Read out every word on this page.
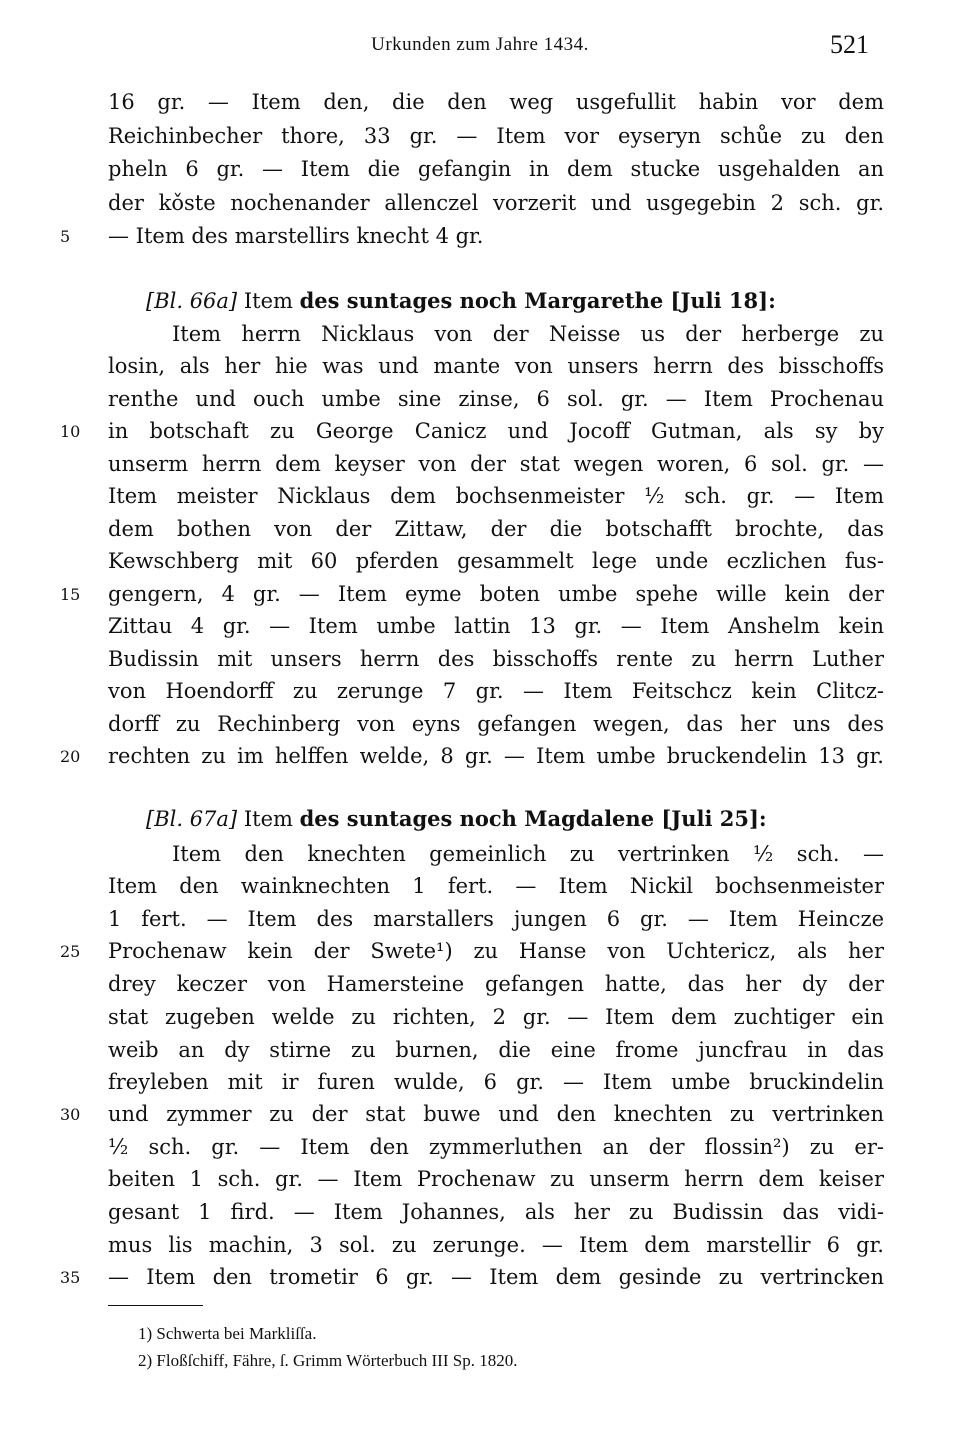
Urkunden zum Jahre 1434.	521
16 gr. — Item den, die den weg usgefullit habin vor dem
Reichinbecher thore, 33 gr. — Item vor eyseryn schůe zu den
pheln 6 gr. — Item die gefangin in dem stucke usgehalden an
der kǒste nochenander allenczel vorzerit und usgegebin 2 sch. gr.
— Item des marstellirs knecht 4 gr.
5
[Bl. 66a] Item des suntages noch Margarethe [Juli 18]:
Item herrn Nicklaus von der Neisse us der herberge zu
losin, als her hie was und mante von unsers herrn des bisschoffs
renthe und ouch umbe sine zinse, 6 sol. gr. — Item Prochenau
in botschaft zu George Canicz und Jocoff Gutman, als sy by
10
unserm herrn dem keyser von der stat wegen woren, 6 sol. gr. —
Item meister Nicklaus dem bochsenmeister ½ sch. gr. — Item
dem bothen von der Zittaw, der die botschafft brochte, das
Kewschberg mit 60 pferden gesammelt lege unde eczlichen fus-
gengern, 4 gr. — Item eyme boten umbe spehe wille kein der
15
Zittau 4 gr. — Item umbe lattin 13 gr. — Item Anshelm kein
Budissin mit unsers herrn des bisschoffs rente zu herrn Luther
von Hoendorff zu zerunge 7 gr. — Item Feitschcz kein Clitcz-
dorff zu Rechinberg von eyns gefangen wegen, das her uns des
rechten zu im helffen welde, 8 gr. — Item umbe bruckendelin 13 gr.
20
[Bl. 67a] Item des suntages noch Magdalene [Juli 25]:
Item den knechten gemeinlich zu vertrinken ½ sch. —
Item den wainknechten 1 fert. — Item Nickil bochsenmeister
1 fert. — Item des marstallers jungen 6 gr. — Item Heincze
Prochenaw kein der Swete¹) zu Hanse von Uchtericz, als her
25
drey keczer von Hamersteine gefangen hatte, das her dy der
stat zugeben welde zu richten, 2 gr. — Item dem zuchtiger ein
weib an dy stirne zu burnen, die eine frome juncfrau in das
freyleben mit ir furen wulde, 6 gr. — Item umbe bruckindelin
und zymmer zu der stat buwe und den knechten zu vertrinken
30
½ sch. gr. — Item den zymmerluthen an der flossin²) zu er-
beiten 1 sch. gr. — Item Prochenaw zu unserm herrn dem keiser
gesant 1 fird. — Item Johannes, als her zu Budissin das vidi-
mus lis machin, 3 sol. zu zerunge. — Item dem marstellir 6 gr.
— Item den trometir 6 gr. — Item dem gesinde zu vertrincken
35
1) Schwerta bei Markliſſa.
2) Floßſchiff, Fähre, ſ. Grimm Wörterbuch III Sp. 1820.
